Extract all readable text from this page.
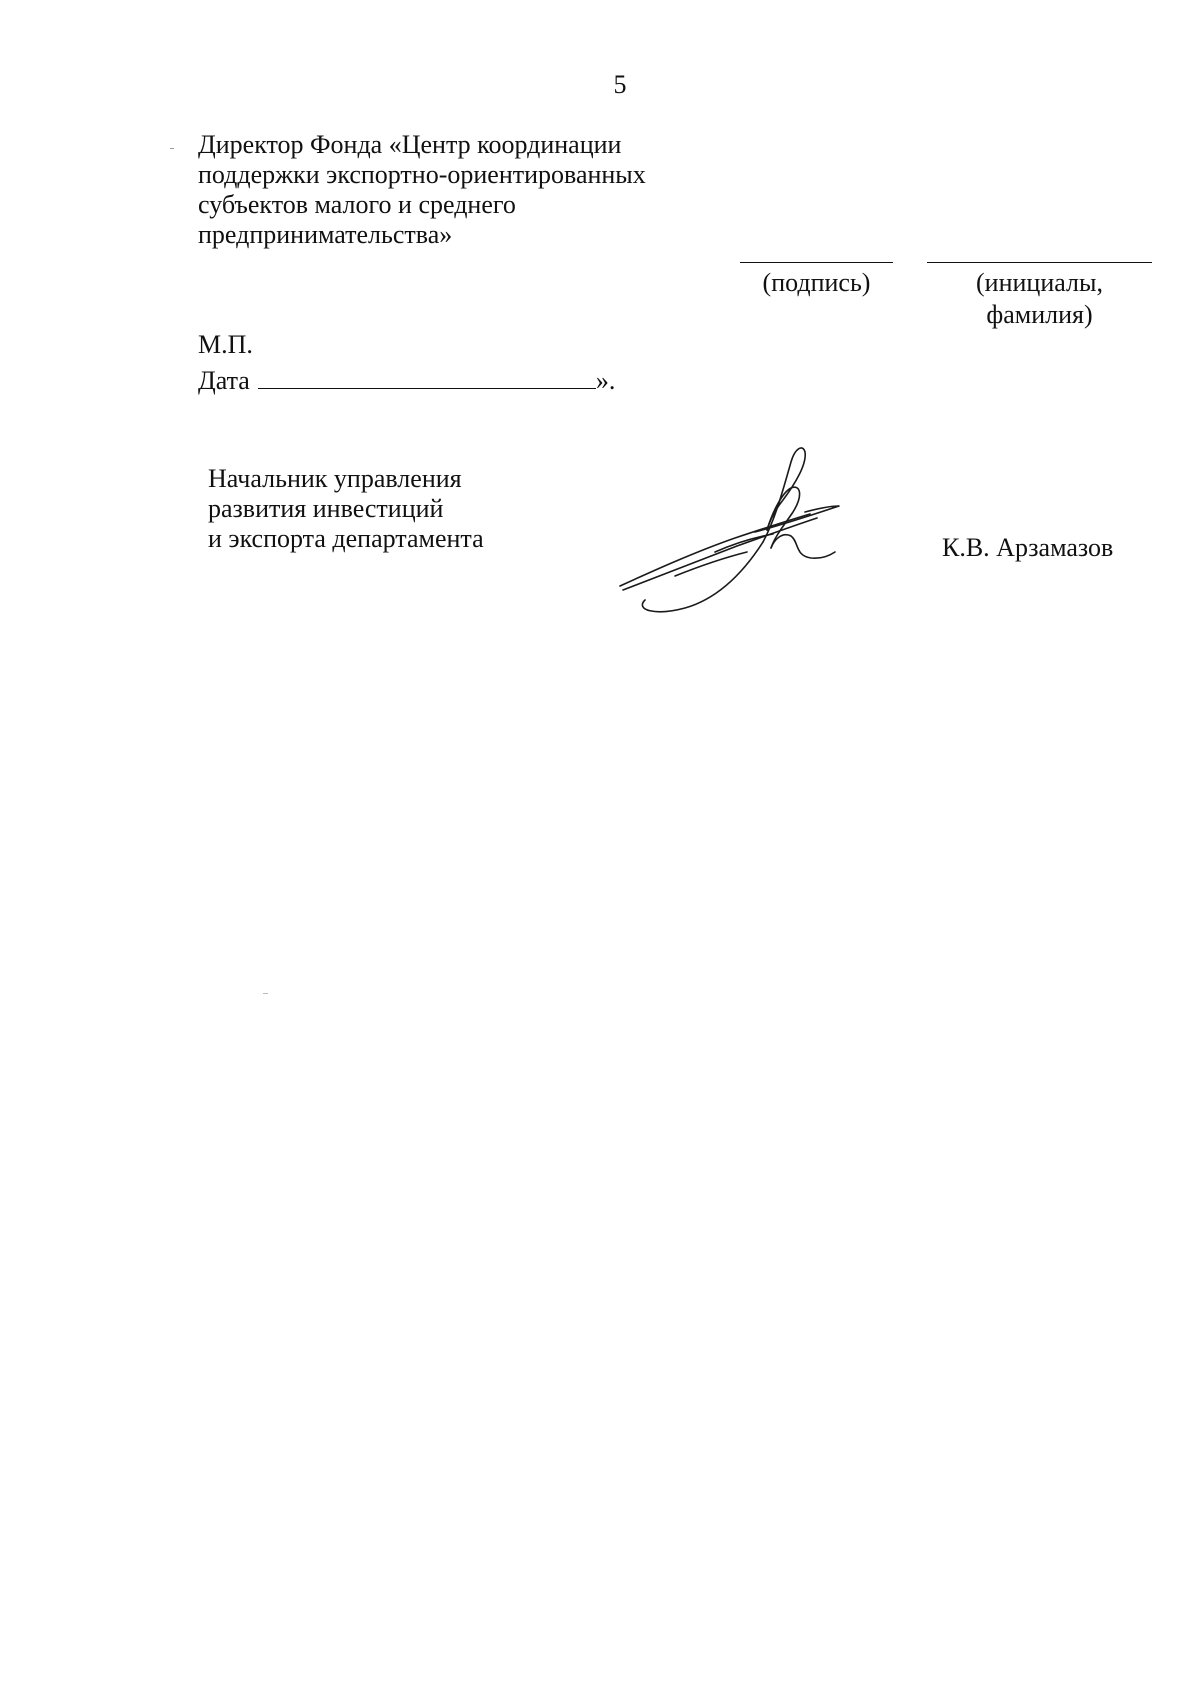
5
Директор Фонда «Центр координации
поддержки экспортно-ориентированных
субъектов малого и среднего
предпринимательства»
(подпись)	(инициалы,
фамилия)
М.П.
Дата	».
Начальник управления
развития инвестиций
и экспорта департамента	К.В. Арзамазов
